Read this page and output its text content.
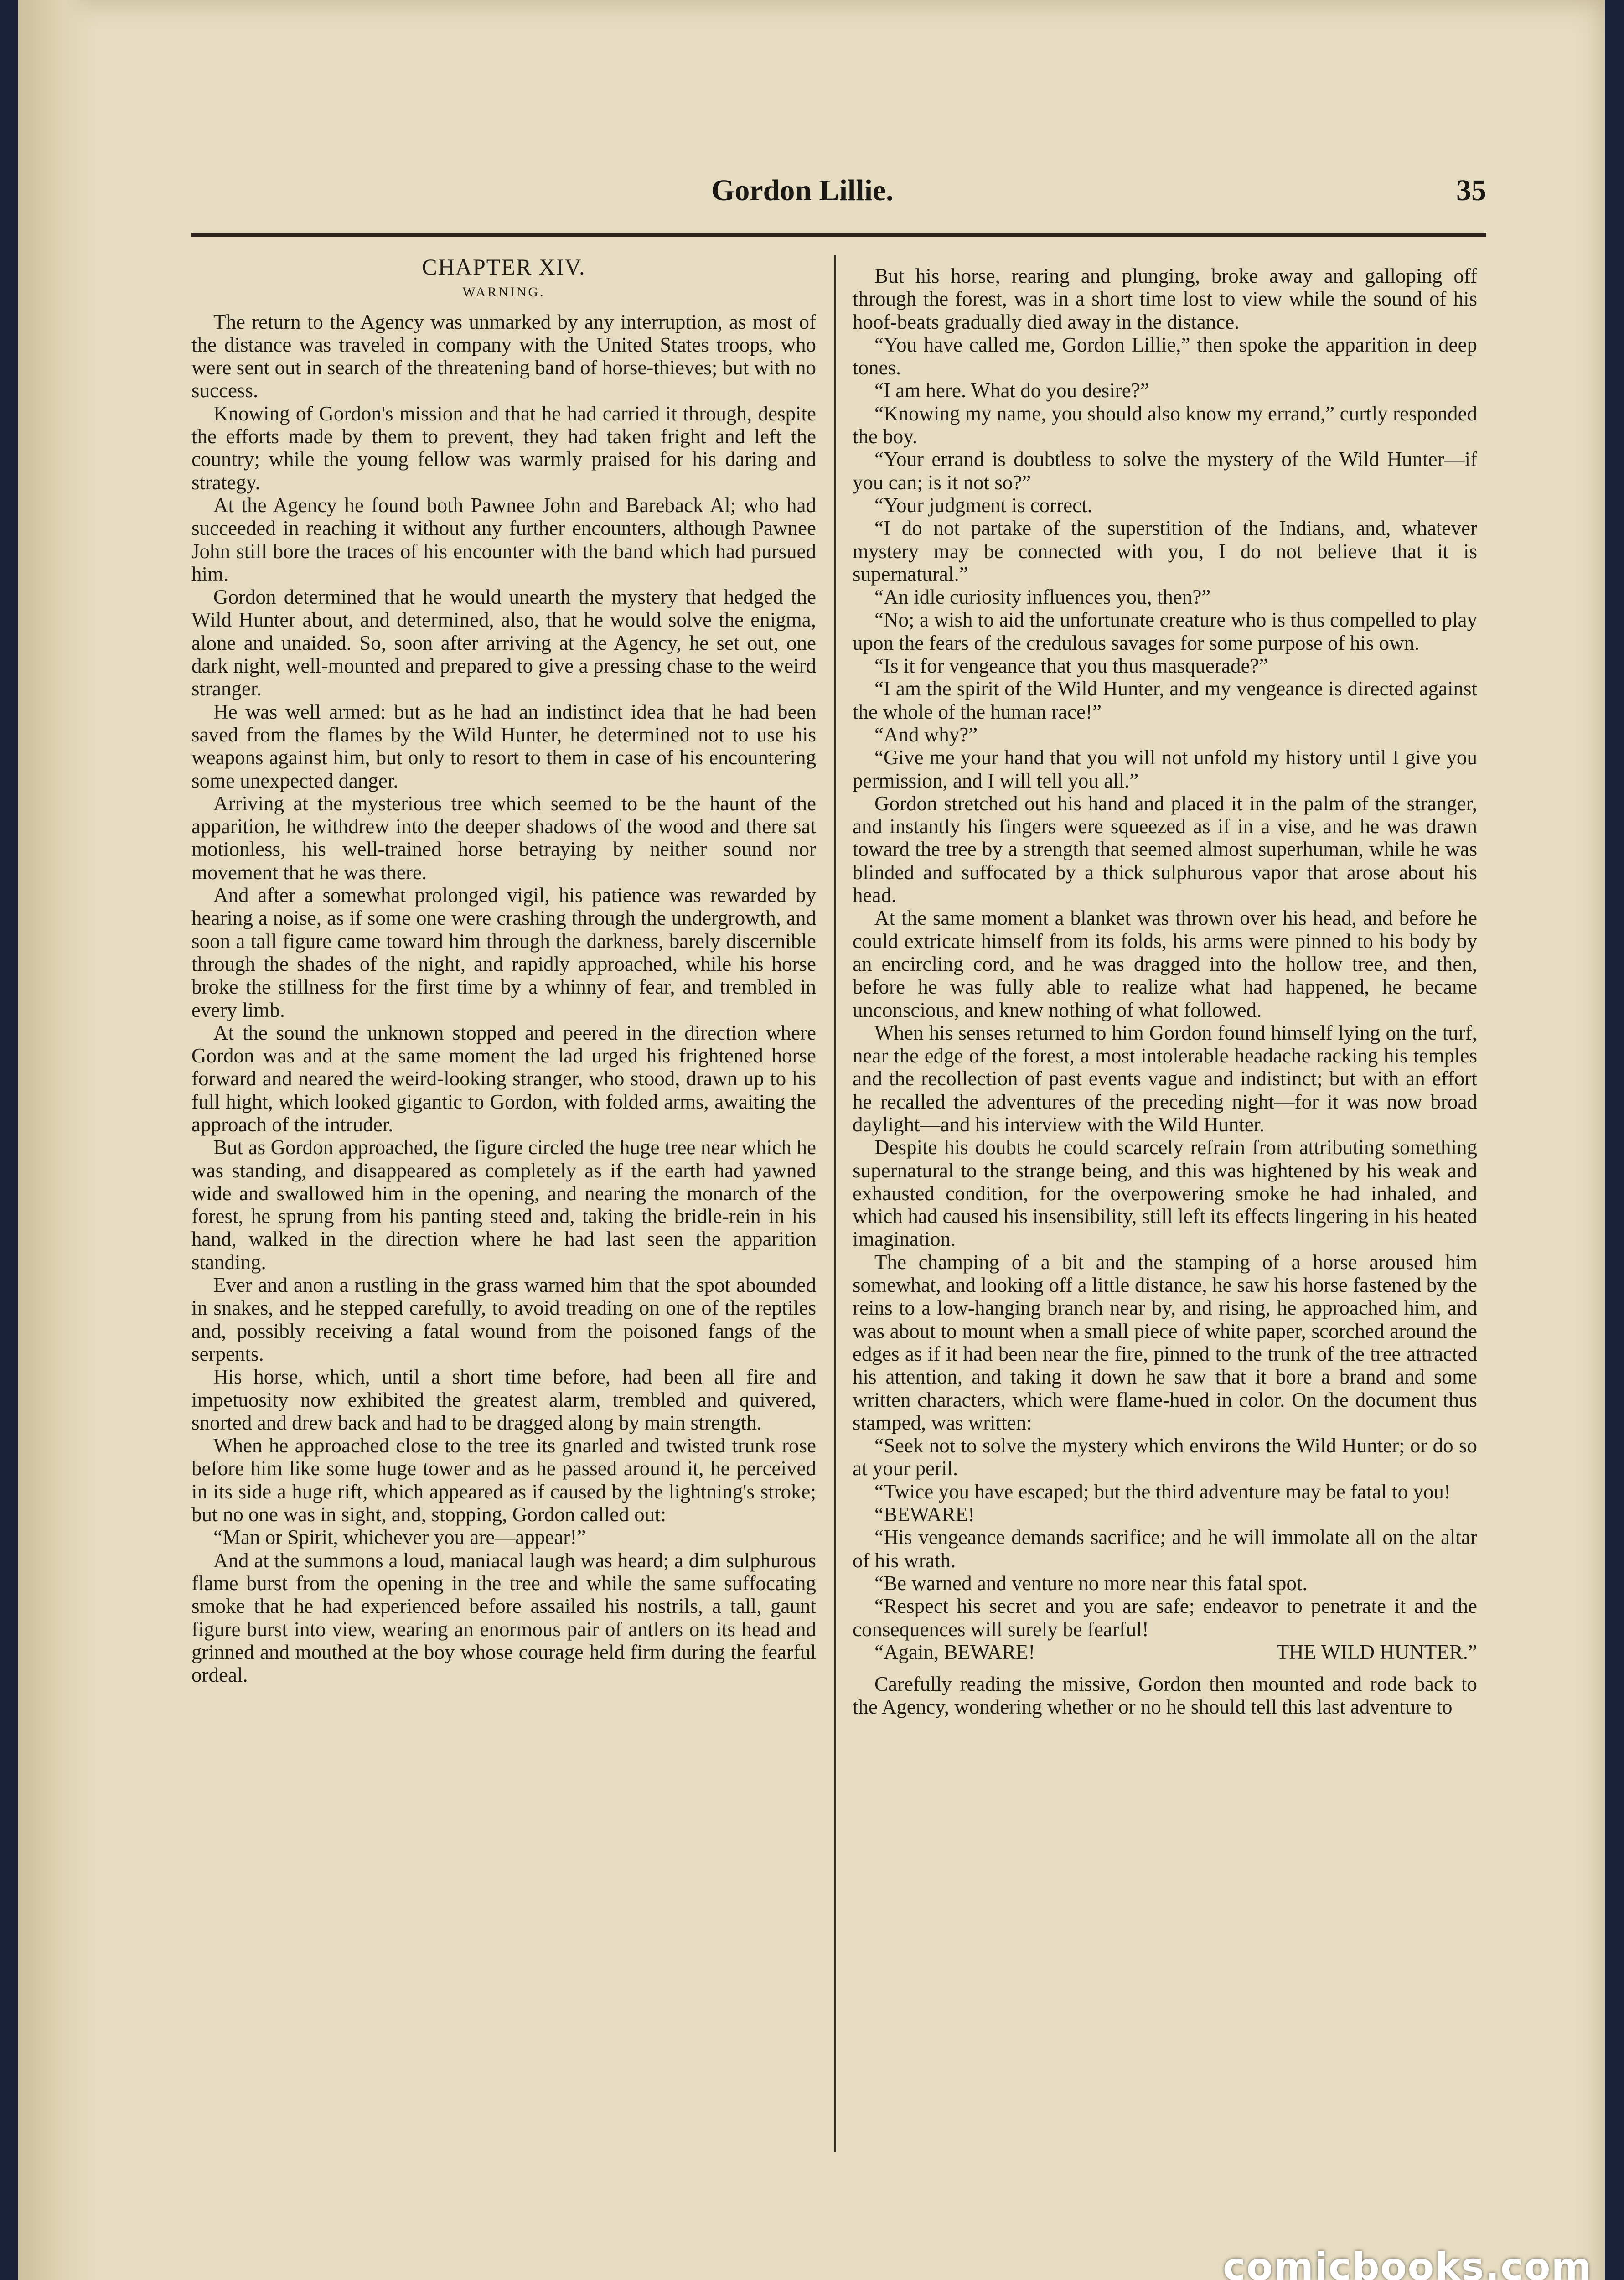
Gordon Lillie.	35
CHAPTER XIV.
WARNING.

The return to the Agency was unmarked by any interruption, as most of the distance was traveled in company with the United States troops, who were sent out in search of the threatening band of horse-thieves; but with no success.

Knowing of Gordon's mission and that he had carried it through, despite the efforts made by them to prevent, they had taken fright and left the country; while the young fellow was warmly praised for his daring and strategy.

At the Agency he found both Pawnee John and Bareback Al; who had succeeded in reaching it without any further encounters, although Pawnee John still bore the traces of his encounter with the band which had pursued him.

Gordon determined that he would unearth the mystery that hedged the Wild Hunter about, and determined, also, that he would solve the enigma, alone and unaided. So, soon after arriving at the Agency, he set out, one dark night, well-mounted and prepared to give a pressing chase to the weird stranger.

He was well armed: but as he had an indistinct idea that he had been saved from the flames by the Wild Hunter, he determined not to use his weapons against him, but only to resort to them in case of his encountering some unexpected danger.

Arriving at the mysterious tree which seemed to be the haunt of the apparition, he withdrew into the deeper shadows of the wood and there sat motionless, his well-trained horse betraying by neither sound nor movement that he was there.

And after a somewhat prolonged vigil, his patience was rewarded by hearing a noise, as if some one were crashing through the undergrowth, and soon a tall figure came toward him through the darkness, barely discernible through the shades of the night, and rapidly approached, while his horse broke the stillness for the first time by a whinny of fear, and trembled in every limb.

At the sound the unknown stopped and peered in the direction where Gordon was and at the same moment the lad urged his frightened horse forward and neared the weird-looking stranger, who stood, drawn up to his full hight, which looked gigantic to Gordon, with folded arms, awaiting the approach of the intruder.

But as Gordon approached, the figure circled the huge tree near which he was standing, and disappeared as completely as if the earth had yawned wide and swallowed him in the opening, and nearing the monarch of the forest, he sprung from his panting steed and, taking the bridle-rein in his hand, walked in the direction where he had last seen the apparition standing.

Ever and anon a rustling in the grass warned him that the spot abounded in snakes, and he stepped carefully, to avoid treading on one of the reptiles and, possibly receiving a fatal wound from the poisoned fangs of the serpents.

His horse, which, until a short time before, had been all fire and impetuosity now exhibited the greatest alarm, trembled and quivered, snorted and drew back and had to be dragged along by main strength.

When he approached close to the tree its gnarled and twisted trunk rose before him like some huge tower and as he passed around it, he perceived in its side a huge rift, which appeared as if caused by the lightning's stroke; but no one was in sight, and, stopping, Gordon called out:

“Man or Spirit, whichever you are—appear!”

And at the summons a loud, maniacal laugh was heard; a dim sulphurous flame burst from the opening in the tree and while the same suffocating smoke that he had experienced before assailed his nostrils, a tall, gaunt figure burst into view, wearing an enormous pair of antlers on its head and grinned and mouthed at the boy whose courage held firm during the fearful ordeal.

But his horse, rearing and plunging, broke away and galloping off through the forest, was in a short time lost to view while the sound of his hoof-beats gradually died away in the distance.

“You have called me, Gordon Lillie,” then spoke the apparition in deep tones.

“I am here. What do you desire?”

“Knowing my name, you should also know my errand,” curtly responded the boy.

“Your errand is doubtless to solve the mystery of the Wild Hunter—if you can; is it not so?”

“Your judgment is correct.

“I do not partake of the superstition of the Indians, and, whatever mystery may be connected with you, I do not believe that it is supernatural.”

“An idle curiosity influences you, then?”

“No; a wish to aid the unfortunate creature who is thus compelled to play upon the fears of the credulous savages for some purpose of his own.

“Is it for vengeance that you thus masquerade?”

“I am the spirit of the Wild Hunter, and my vengeance is directed against the whole of the human race!”

“And why?”

“Give me your hand that you will not unfold my history until I give you permission, and I will tell you all.”

Gordon stretched out his hand and placed it in the palm of the stranger, and instantly his fingers were squeezed as if in a vise, and he was drawn toward the tree by a strength that seemed almost superhuman, while he was blinded and suffocated by a thick sulphurous vapor that arose about his head.

At the same moment a blanket was thrown over his head, and before he could extricate himself from its folds, his arms were pinned to his body by an encircling cord, and he was dragged into the hollow tree, and then, before he was fully able to realize what had happened, he became unconscious, and knew nothing of what followed.

When his senses returned to him Gordon found himself lying on the turf, near the edge of the forest, a most intolerable headache racking his temples and the recollection of past events vague and indistinct; but with an effort he recalled the adventures of the preceding night—for it was now broad daylight—and his interview with the Wild Hunter.

Despite his doubts he could scarcely refrain from attributing something supernatural to the strange being, and this was hightened by his weak and exhausted condition, for the overpowering smoke he had inhaled, and which had caused his insensibility, still left its effects lingering in his heated imagination.

The champing of a bit and the stamping of a horse aroused him somewhat, and looking off a little distance, he saw his horse fastened by the reins to a low-hanging branch near by, and rising, he approached him, and was about to mount when a small piece of white paper, scorched around the edges as if it had been near the fire, pinned to the trunk of the tree attracted his attention, and taking it down he saw that it bore a brand and some written characters, which were flame-hued in color. On the document thus stamped, was written:

“Seek not to solve the mystery which environs the Wild Hunter; or do so at your peril.

“Twice you have escaped; but the third adventure may be fatal to you!

“BEWARE!

“His vengeance demands sacrifice; and he will immolate all on the altar of his wrath.

“Be warned and venture no more near this fatal spot.

“Respect his secret and you are safe; endeavor to penetrate it and the consequences will surely be fearful!

“Again, BEWARE!	THE WILD HUNTER.”

Carefully reading the missive, Gordon then mounted and rode back to the Agency, wondering whether or no he should tell this last adventure to

comicbooks.com
